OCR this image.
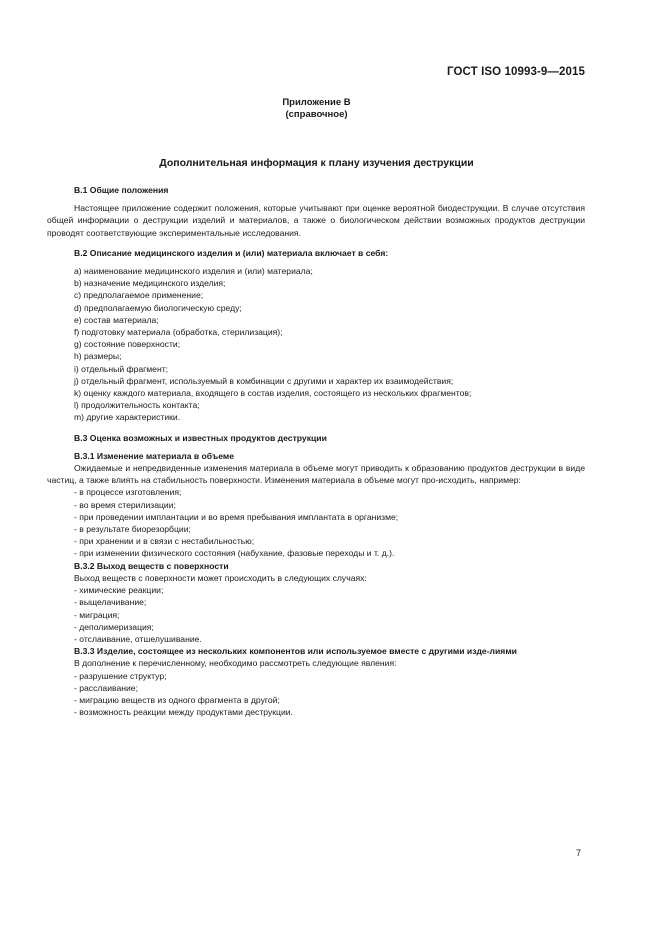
ГОСТ ISO 10993-9—2015
Приложение В
(справочное)
Дополнительная информация к плану изучения деструкции

В.1 Общие положения

Настоящее приложение содержит положения, которые учитывают при оценке вероятной биодеструкции. В случае отсутствия общей информации о деструкции изделий и материалов, а также о биологическом действии возможных продуктов деструкции проводят соответствующие экспериментальные исследования.

В.2 Описание медицинского изделия и (или) материала включает в себя:

a) наименование медицинского изделия и (или) материала;

b) назначение медицинского изделия;

c) предполагаемое применение;

d) предполагаемую биологическую среду;

e) состав материала;

f) подготовку материала (обработка, стерилизация);

g) состояние поверхности;

h) размеры;

i) отдельный фрагмент;

j) отдельный фрагмент, используемый в комбинации с другими и характер их взаимодействия;

k) оценку каждого материала, входящего в состав изделия, состоящего из нескольких фрагментов;

l) продолжительность контакта;

m) другие характеристики.

В.3 Оценка возможных и известных продуктов деструкции

В.3.1 Изменение материала в объеме

Ожидаемые и непредвиденные изменения материала в объеме могут приводить к образованию продуктов деструкции в виде частиц, а также влиять на стабильность поверхности. Изменения материала в объеме могут про-исходить, например:

- в процессе изготовления;

- во время стерилизации;

- при проведении имплантации и во время пребывания имплантата в организме;

- в результате биорезорбции;

- при хранении и в связи с нестабильностью;

- при изменении физического состояния (набухание, фазовые переходы и т. д.).

В.3.2 Выход веществ с поверхности

Выход веществ с поверхности может происходить в следующих случаях:

- химические реакции;

- выщелачивание;

- миграция;

- деполимеризация;

- отслаивание, отшелушивание.

В.3.3 Изделие, состоящее из нескольких компонентов или используемое вместе с другими изде-лиями

В дополнение к перечисленному, необходимо рассмотреть следующие явления:

- разрушение структур;

- расслаивание;

- миграцию веществ из одного фрагмента в другой;

- возможность реакции между продуктами деструкции.

7
